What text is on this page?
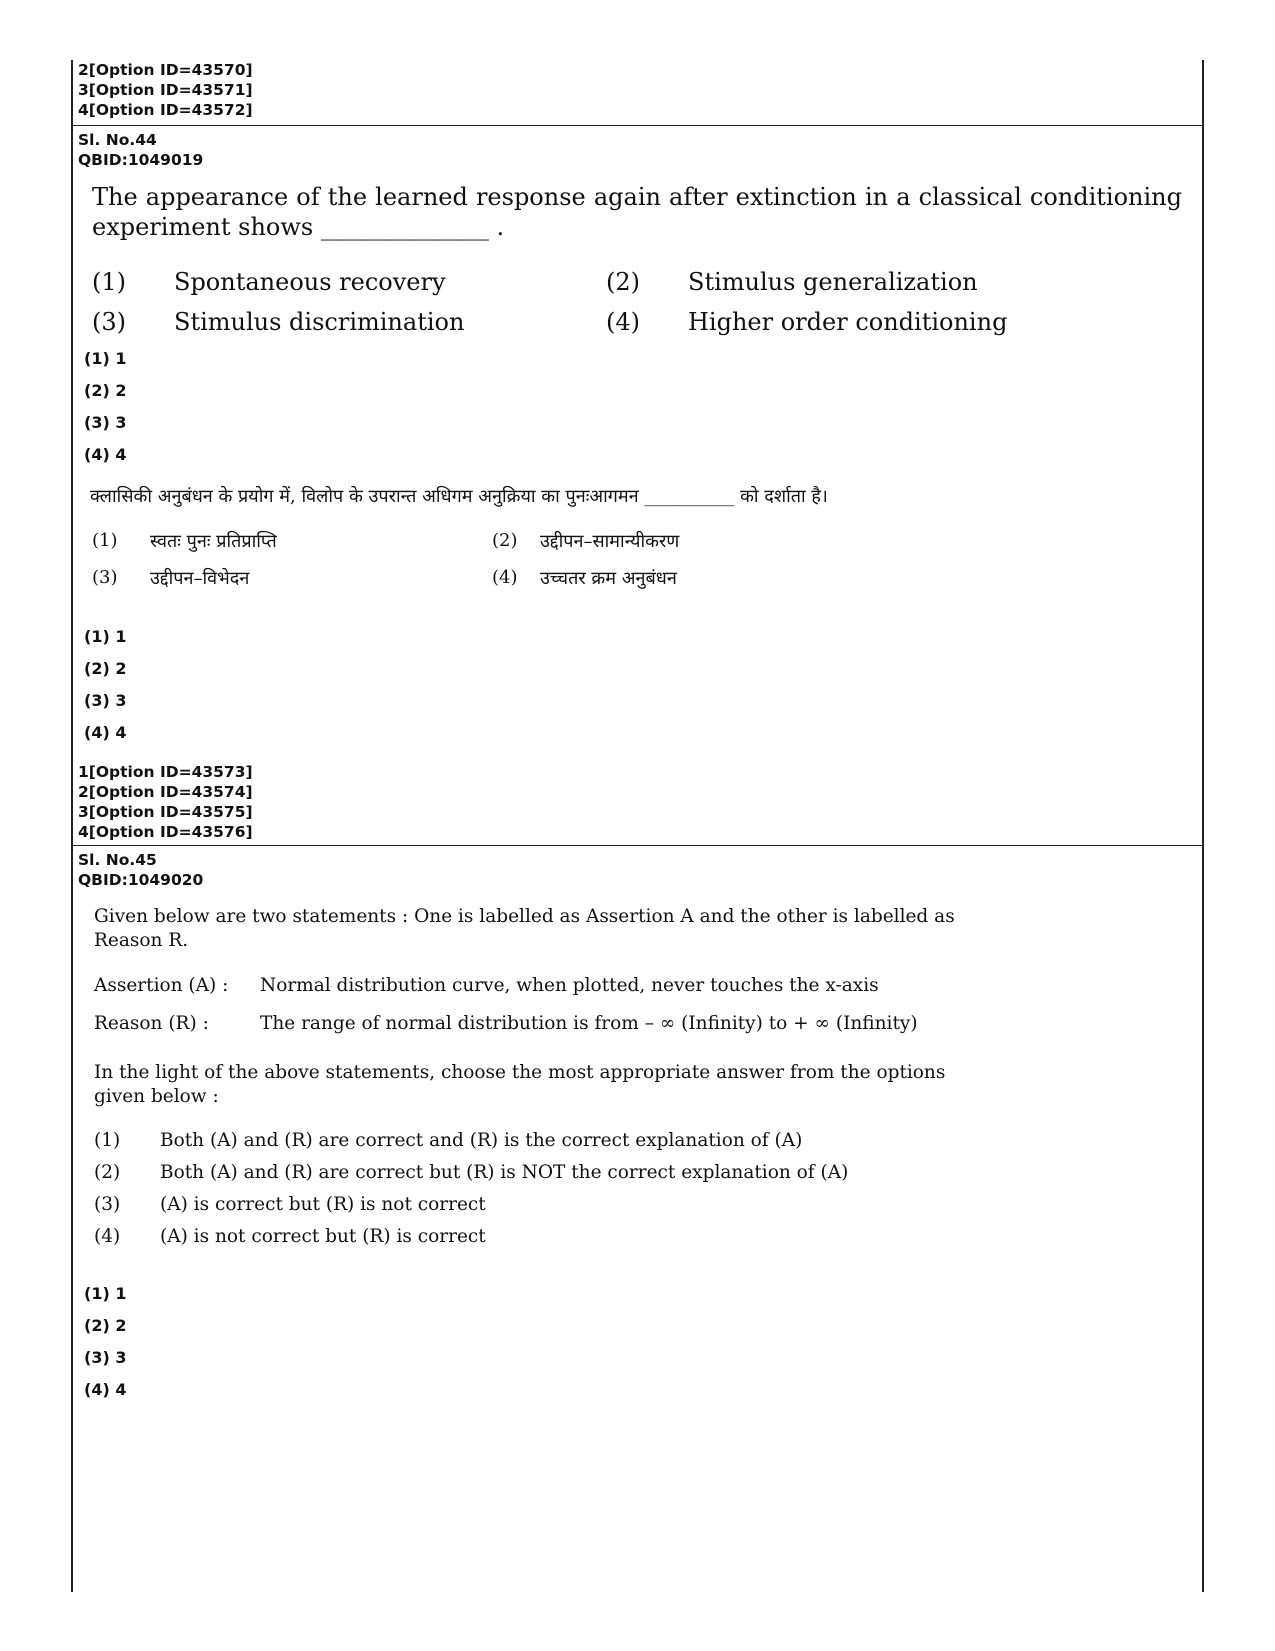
2[Option ID=43570]
3[Option ID=43571]
4[Option ID=43572]
Sl. No.44
QBID:1049019
The appearance of the learned response again after extinction in a classical conditioning experiment shows ______________ .
(1)	Spontaneous recovery	(2)	Stimulus generalization
(3)	Stimulus discrimination	(4)	Higher order conditioning
(1) 1
(2) 2
(3) 3
(4) 4
क्लासिकी अनुबंधन के प्रयोग में, विलोप के उपरान्त अधिगम अनुक्रिया का पुनःआगमन __________ को दर्शाता है।
(1)	स्वतः पुनः प्रतिप्राप्ति	(2)	उद्दीपन–सामान्यीकरण
(3)	उद्दीपन–विभेदन	(4)	उच्चतर क्रम अनुबंधन
(1) 1
(2) 2
(3) 3
(4) 4
1[Option ID=43573]
2[Option ID=43574]
3[Option ID=43575]
4[Option ID=43576]
Sl. No.45
QBID:1049020
Given below are two statements : One is labelled as Assertion A and the other is labelled as Reason R.
Assertion (A) :	Normal distribution curve, when plotted, never touches the x-axis
Reason (R) :	The range of normal distribution is from – ∞ (Infinity) to + ∞ (Infinity)
In the light of the above statements, choose the most appropriate answer from the options given below :
(1)	Both (A) and (R) are correct and (R) is the correct explanation of (A)
(2)	Both (A) and (R) are correct but (R) is NOT the correct explanation of (A)
(3)	(A) is correct but (R) is not correct
(4)	(A) is not correct but (R) is correct
(1) 1
(2) 2
(3) 3
(4) 4
